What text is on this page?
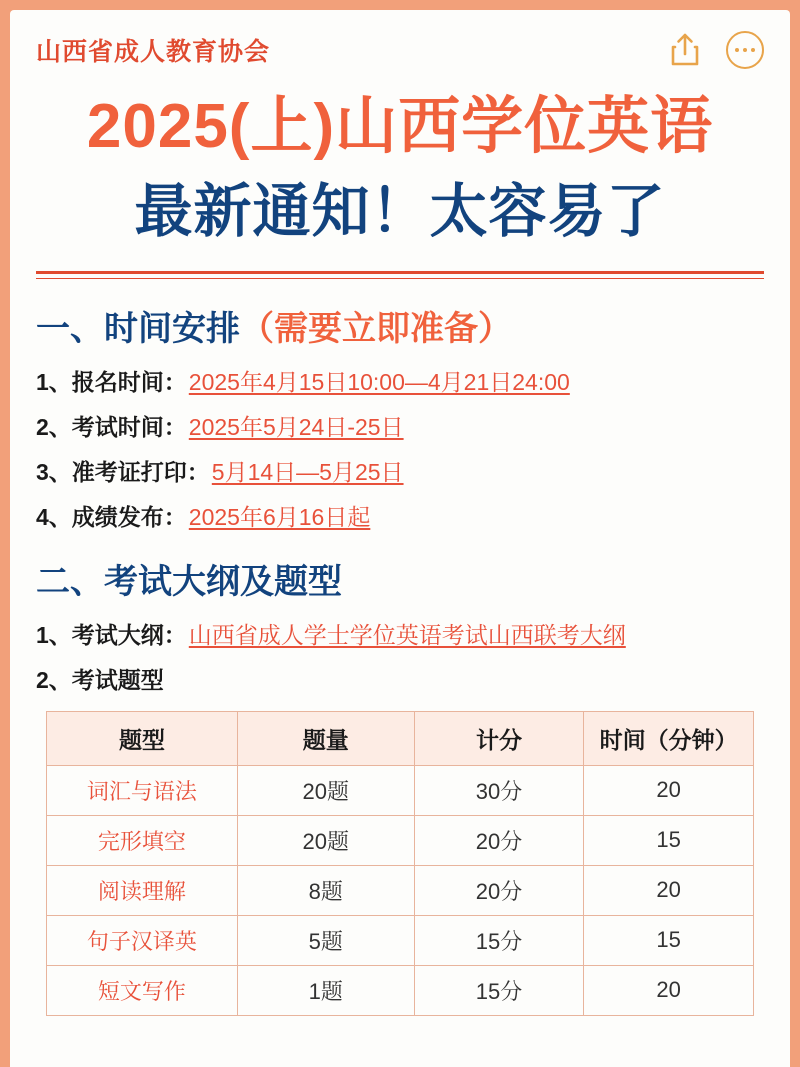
山西省成人教育协会
2025(上)山西学位英语
最新通知！太容易了
一、时间安排 （需要立即准备）
1、报名时间： 2025年4月15日10:00—4月21日24:00
2、考试时间： 2025年5月24日-25日
3、准考证打印： 5月14日—5月25日
4、成绩发布： 2025年6月16日起
二、考试大纲及题型
1、考试大纲： 山西省成人学士学位英语考试山西联考大纲
2、考试题型
题型	题量	计分	时间（分钟）
词汇与语法	20题	30分	20
完形填空	20题	20分	15
阅读理解	8题	20分	20
句子汉译英	5题	15分	15
短文写作	1题	15分	20
